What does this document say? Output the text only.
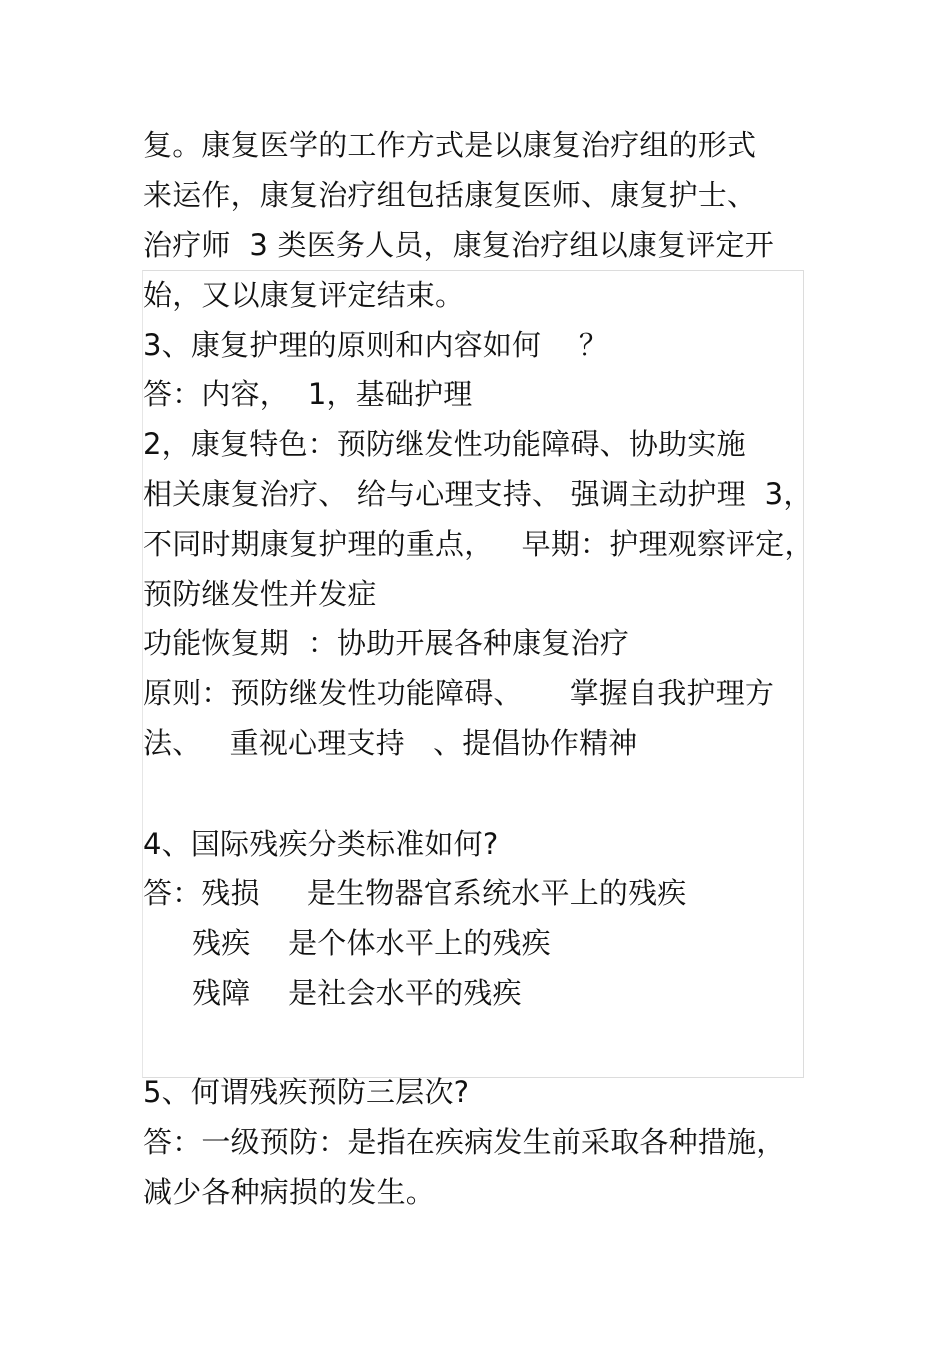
复。康复医学的工作方式是以康复治疗组的形式
来运作，康复治疗组包括康复医师、康复护士、
治疗师  3 类医务人员，康复治疗组以康复评定开
始，又以康复评定结束。
3、康复护理的原则和内容如何    ？
答：内容，  1，基础护理
2，康复特色：预防继发性功能障碍、协助实施
相关康复治疗、 给与心理支持、 强调主动护理  3，
不同时期康复护理的重点，   早期：护理观察评定，
预防继发性并发症
功能恢复期  ：协助开展各种康复治疗
原则：预防继发性功能障碍、     掌握自我护理方
法、   重视心理支持   、提倡协作精神
4、国际残疾分类标准如何?
答：残损     是生物器官系统水平上的残疾
残疾    是个体水平上的残疾
残障    是社会水平的残疾
5、何谓残疾预防三层次?
答：一级预防：是指在疾病发生前采取各种措施，
减少各种病损的发生。
